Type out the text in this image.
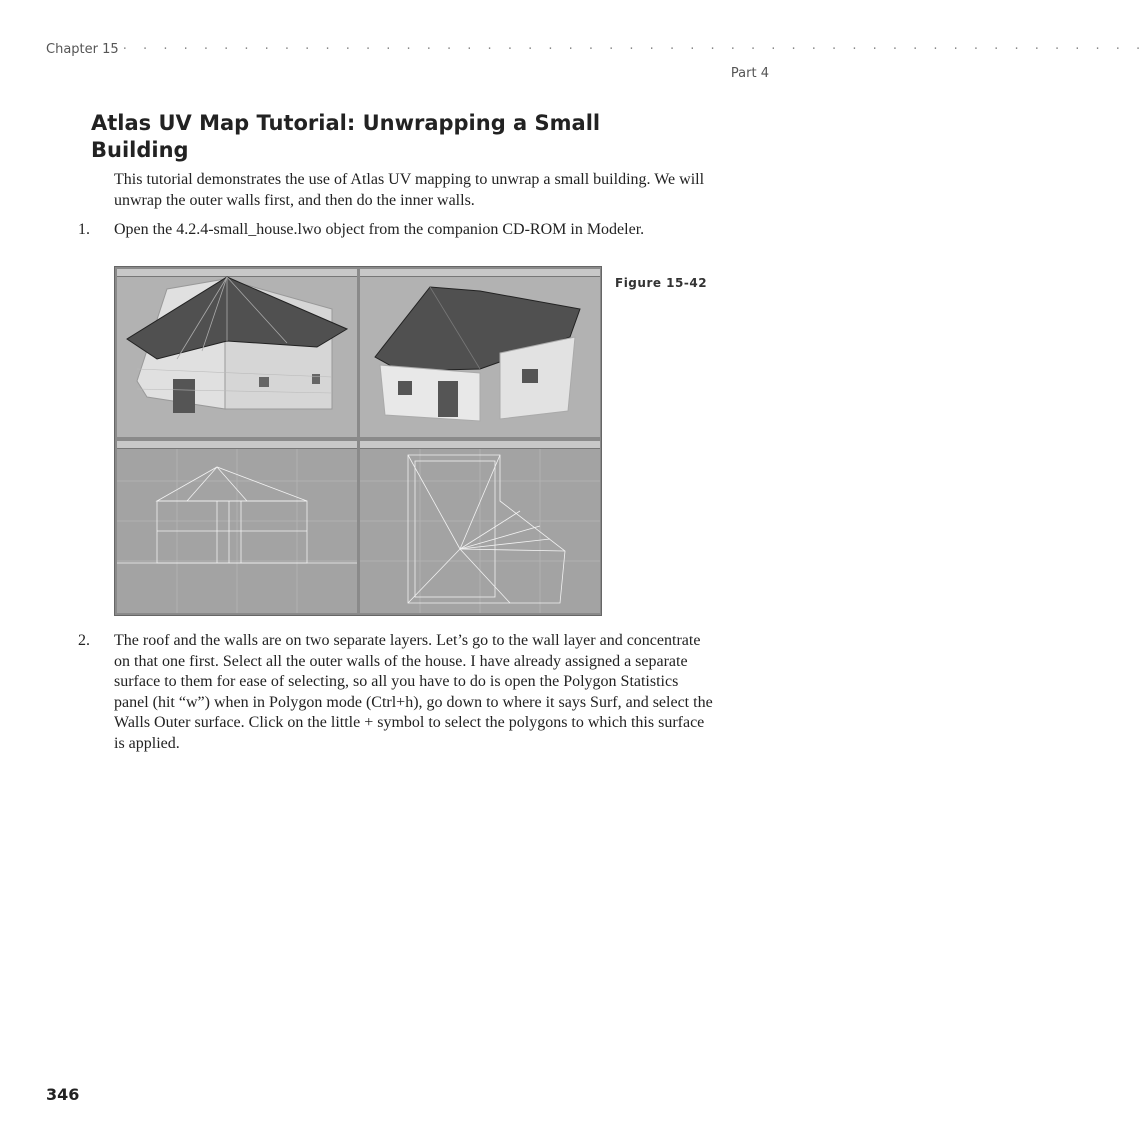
Chapter 15 · · · · · · · · · · · · · · · · · · · · · · · · · · · · · · · · · · · · · · · · · · · · · · · · · · ·
Part 4
Atlas UV Map Tutorial: Unwrapping a Small Building

This tutorial demonstrates the use of Atlas UV mapping to unwrap a small building. We will unwrap the outer walls first, and then do the inner walls.

1. Open the 4.2.4-small_house.lwo object from the companion CD-ROM in Modeler.

Figure 15-42
2. The roof and the walls are on two separate layers. Let’s go to the wall layer and concentrate on that one first. Select all the outer walls of the house. I have already assigned a separate surface to them for ease of selecting, so all you have to do is open the Polygon Statistics panel (hit “w”) when in Polygon mode (Ctrl+h), go down to where it says Surf, and select the Walls Outer surface. Click on the little + symbol to select the polygons to which this surface is applied.

346
